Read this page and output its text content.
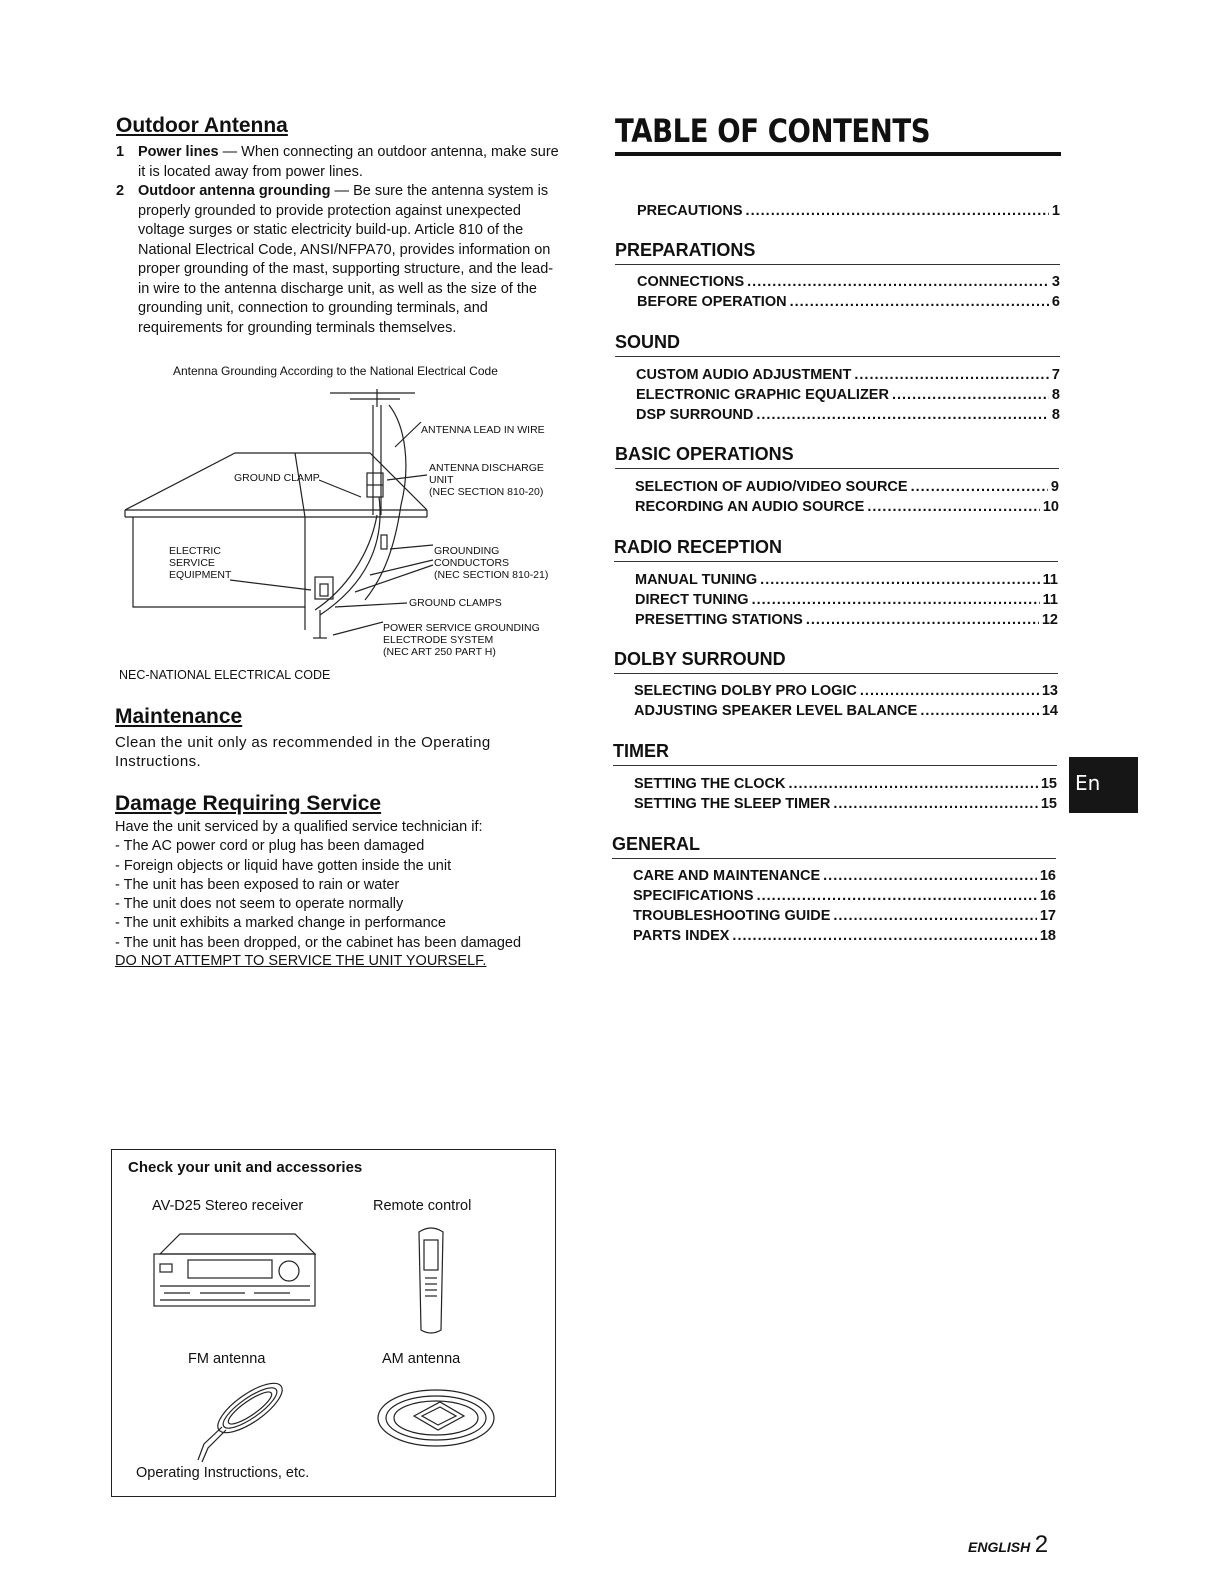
Outdoor Antenna
1 Power lines — When connecting an outdoor antenna, make sure it is located away from power lines.
2 Outdoor antenna grounding — Be sure the antenna system is properly grounded to provide protection against unexpected voltage surges or static electricity build-up. Article 810 of the National Electrical Code, ANSI/NFPA70, provides information on proper grounding of the mast, supporting structure, and the lead-in wire to the antenna discharge unit, as well as the size of the grounding unit, connection to grounding terminals, and requirements for grounding terminals themselves.
Antenna Grounding According to the National Electrical Code
ANTENNA LEAD IN WIRE
ANTENNA DISCHARGE
UNIT
(NEC SECTION 810-20)
GROUND CLAMP
ELECTRIC
SERVICE
EQUIPMENT
GROUNDING
CONDUCTORS
(NEC SECTION 810-21)
GROUND CLAMPS
POWER SERVICE GROUNDING
ELECTRODE SYSTEM
(NEC ART 250 PART H)
NEC-NATIONAL ELECTRICAL CODE
Maintenance
Clean the unit only as recommended in the Operating Instructions.
Damage Requiring Service
Have the unit serviced by a qualified service technician if:
- The AC power cord or plug has been damaged
- Foreign objects or liquid have gotten inside the unit
- The unit has been exposed to rain or water
- The unit does not seem to operate normally
- The unit exhibits a marked change in performance
- The unit has been dropped, or the cabinet has been damaged
DO NOT ATTEMPT TO SERVICE THE UNIT YOURSELF.
Check your unit and accessories
AV-D25 Stereo receiver	Remote control
FM antenna	AM antenna
Operating Instructions, etc.
TABLE OF CONTENTS
PRECAUTIONS .....	1
PREPARATIONS
CONNECTIONS .....	3
BEFORE OPERATION .....	6
SOUND
CUSTOM AUDIO ADJUSTMENT .....	7
ELECTRONIC GRAPHIC EQUALIZER .....	8
DSP SURROUND .....	8
BASIC OPERATIONS
SELECTION OF AUDIO/VIDEO SOURCE .....	9
RECORDING AN AUDIO SOURCE .....	10
RADIO RECEPTION
MANUAL TUNING .....	11
DIRECT TUNING .....	11
PRESETTING STATIONS .....	12
DOLBY SURROUND
SELECTING DOLBY PRO LOGIC .....	13
ADJUSTING SPEAKER LEVEL BALANCE .....	14
TIMER
SETTING THE CLOCK .....	15
SETTING THE SLEEP TIMER .....	15
GENERAL
CARE AND MAINTENANCE .....	16
SPECIFICATIONS .....	16
TROUBLESHOOTING GUIDE .....	17
PARTS INDEX .....	18
En
ENGLISH 2
